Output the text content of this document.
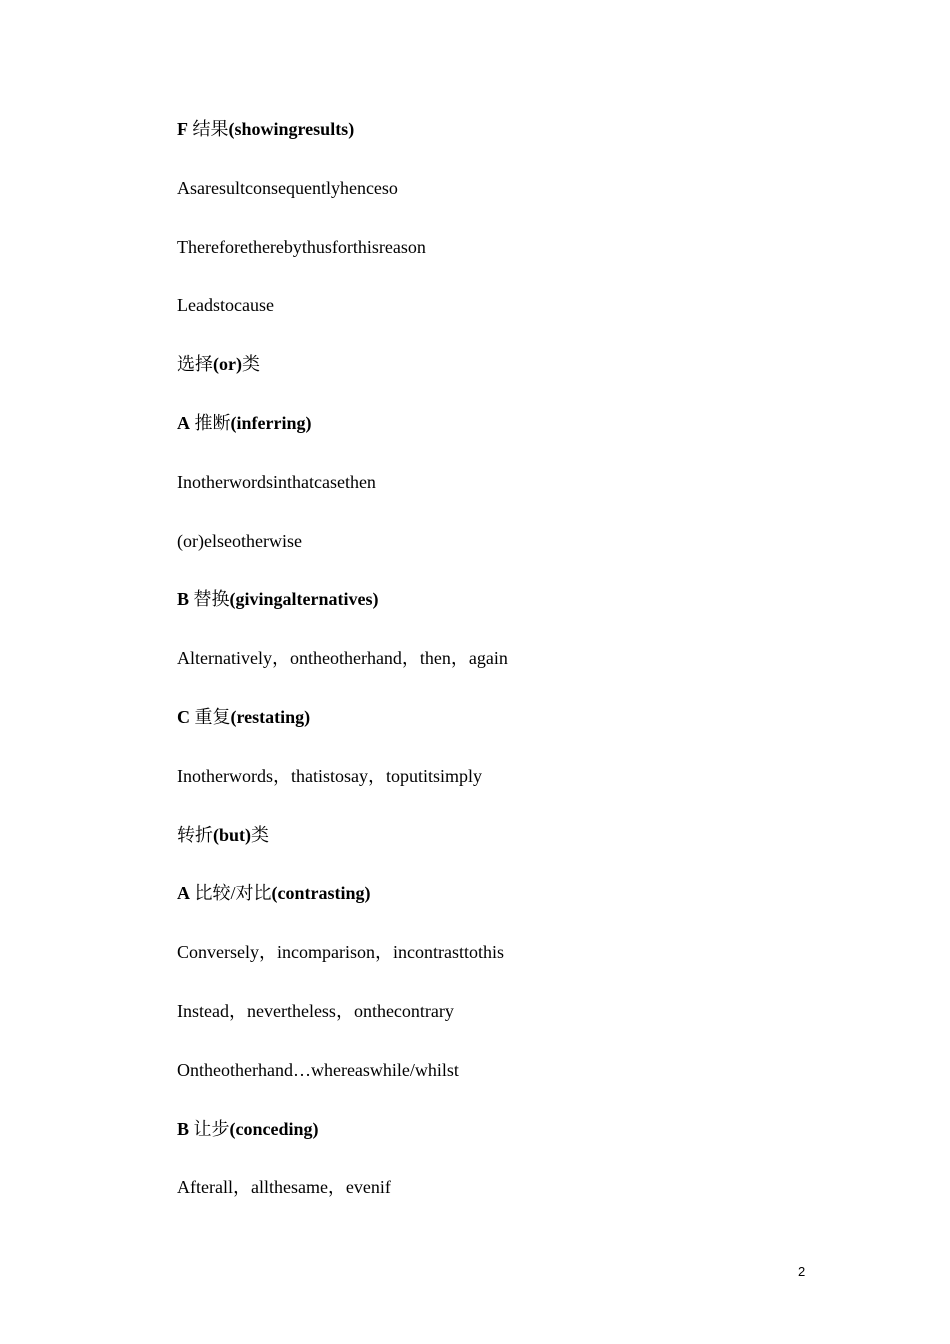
F 结果(showingresults)
Asaresultconsequentlyhenceso
Thereforetherebythusforthisreason
Leadstocause
选择(or)类
A 推断(inferring)
Inotherwordsinthatcasethen
(or)elseotherwise
B 替换(givingalternatives)
Alternatively，ontheotherhand，then，again
C 重复(restating)
Inotherwords，thatistosay，toputitsimply
转折(but)类
A 比较/对比(contrasting)
Conversely，incomparison，incontrasttothis
Instead，nevertheless，onthecontrary
Ontheotherhand…whereaswhile/whilst
B 让步(conceding)
Afterall，allthesame，evenif
2
